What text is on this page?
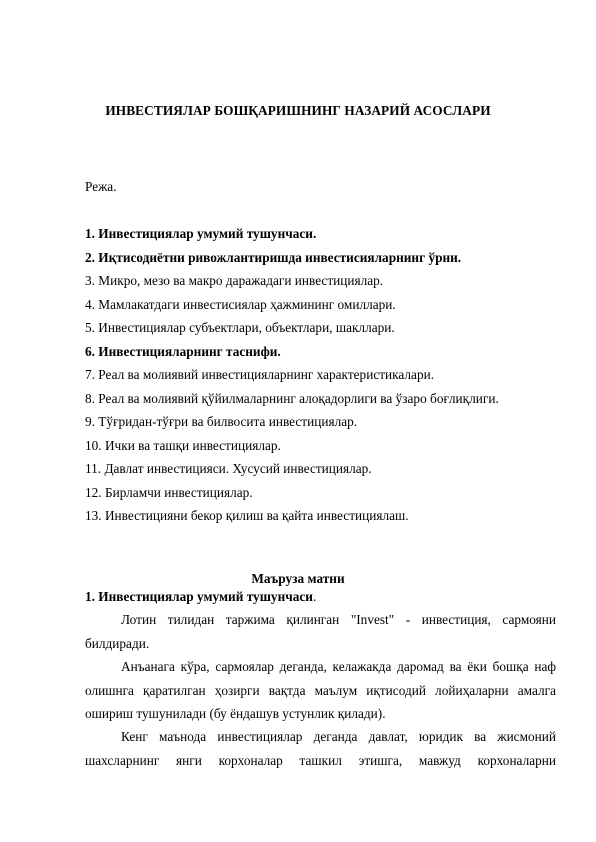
ИНВЕСТИЯЛАР БОШҚАРИШНИНГ НАЗАРИЙ АСОСЛАРИ
Режа.
1. Инвестициялар умумий тушунчаси.
2. Иқтисодиётни ривожлантиришда инвестисияларнинг ўрни.
3. Микро, мезо ва макро даражадаги инвестициялар.
4. Мамлакатдаги инвестисиялар ҳажмининг омиллари.
5. Инвестициялар субъектлари, объектлари, шакллари.
6. Инвестицияларнинг таснифи.
7. Реал ва молиявий инвестицияларнинг характеристикалари.
8. Реал ва молиявий қўйилмаларнинг алоқадорлиги ва ўзаро боғлиқлиги.
9. Тўғридан-тўғри ва билвосита инвестициялар.
10. Ички ва ташқи инвестициялар.
11. Давлат инвестицияси. Хусусий инвестициялар.
12. Бирламчи инвестициялар.
13. Инвестицияни бекор қилиш ва қайта инвестициялаш.
Маъруза матни
1. Инвестициялар умумий тушунчаси.

Лотин тилидан таржима қилинган "Invest" - инвестиция, сармояни билдиради.

Анъанага кўра, сармоялар деганда, келажакда даромад ва ёки бошқа наф олишнга қаратилган ҳозирги вақтда маълум иқтисодий лойиҳаларни амалга ошириш тушунилади (бу ёндашув устунлик қилади).

Кенг маънода инвестициялар деганда давлат, юридик ва жисмоний шахсларнинг янги корхоналар ташкил этишга, мавжуд корхоналарни
